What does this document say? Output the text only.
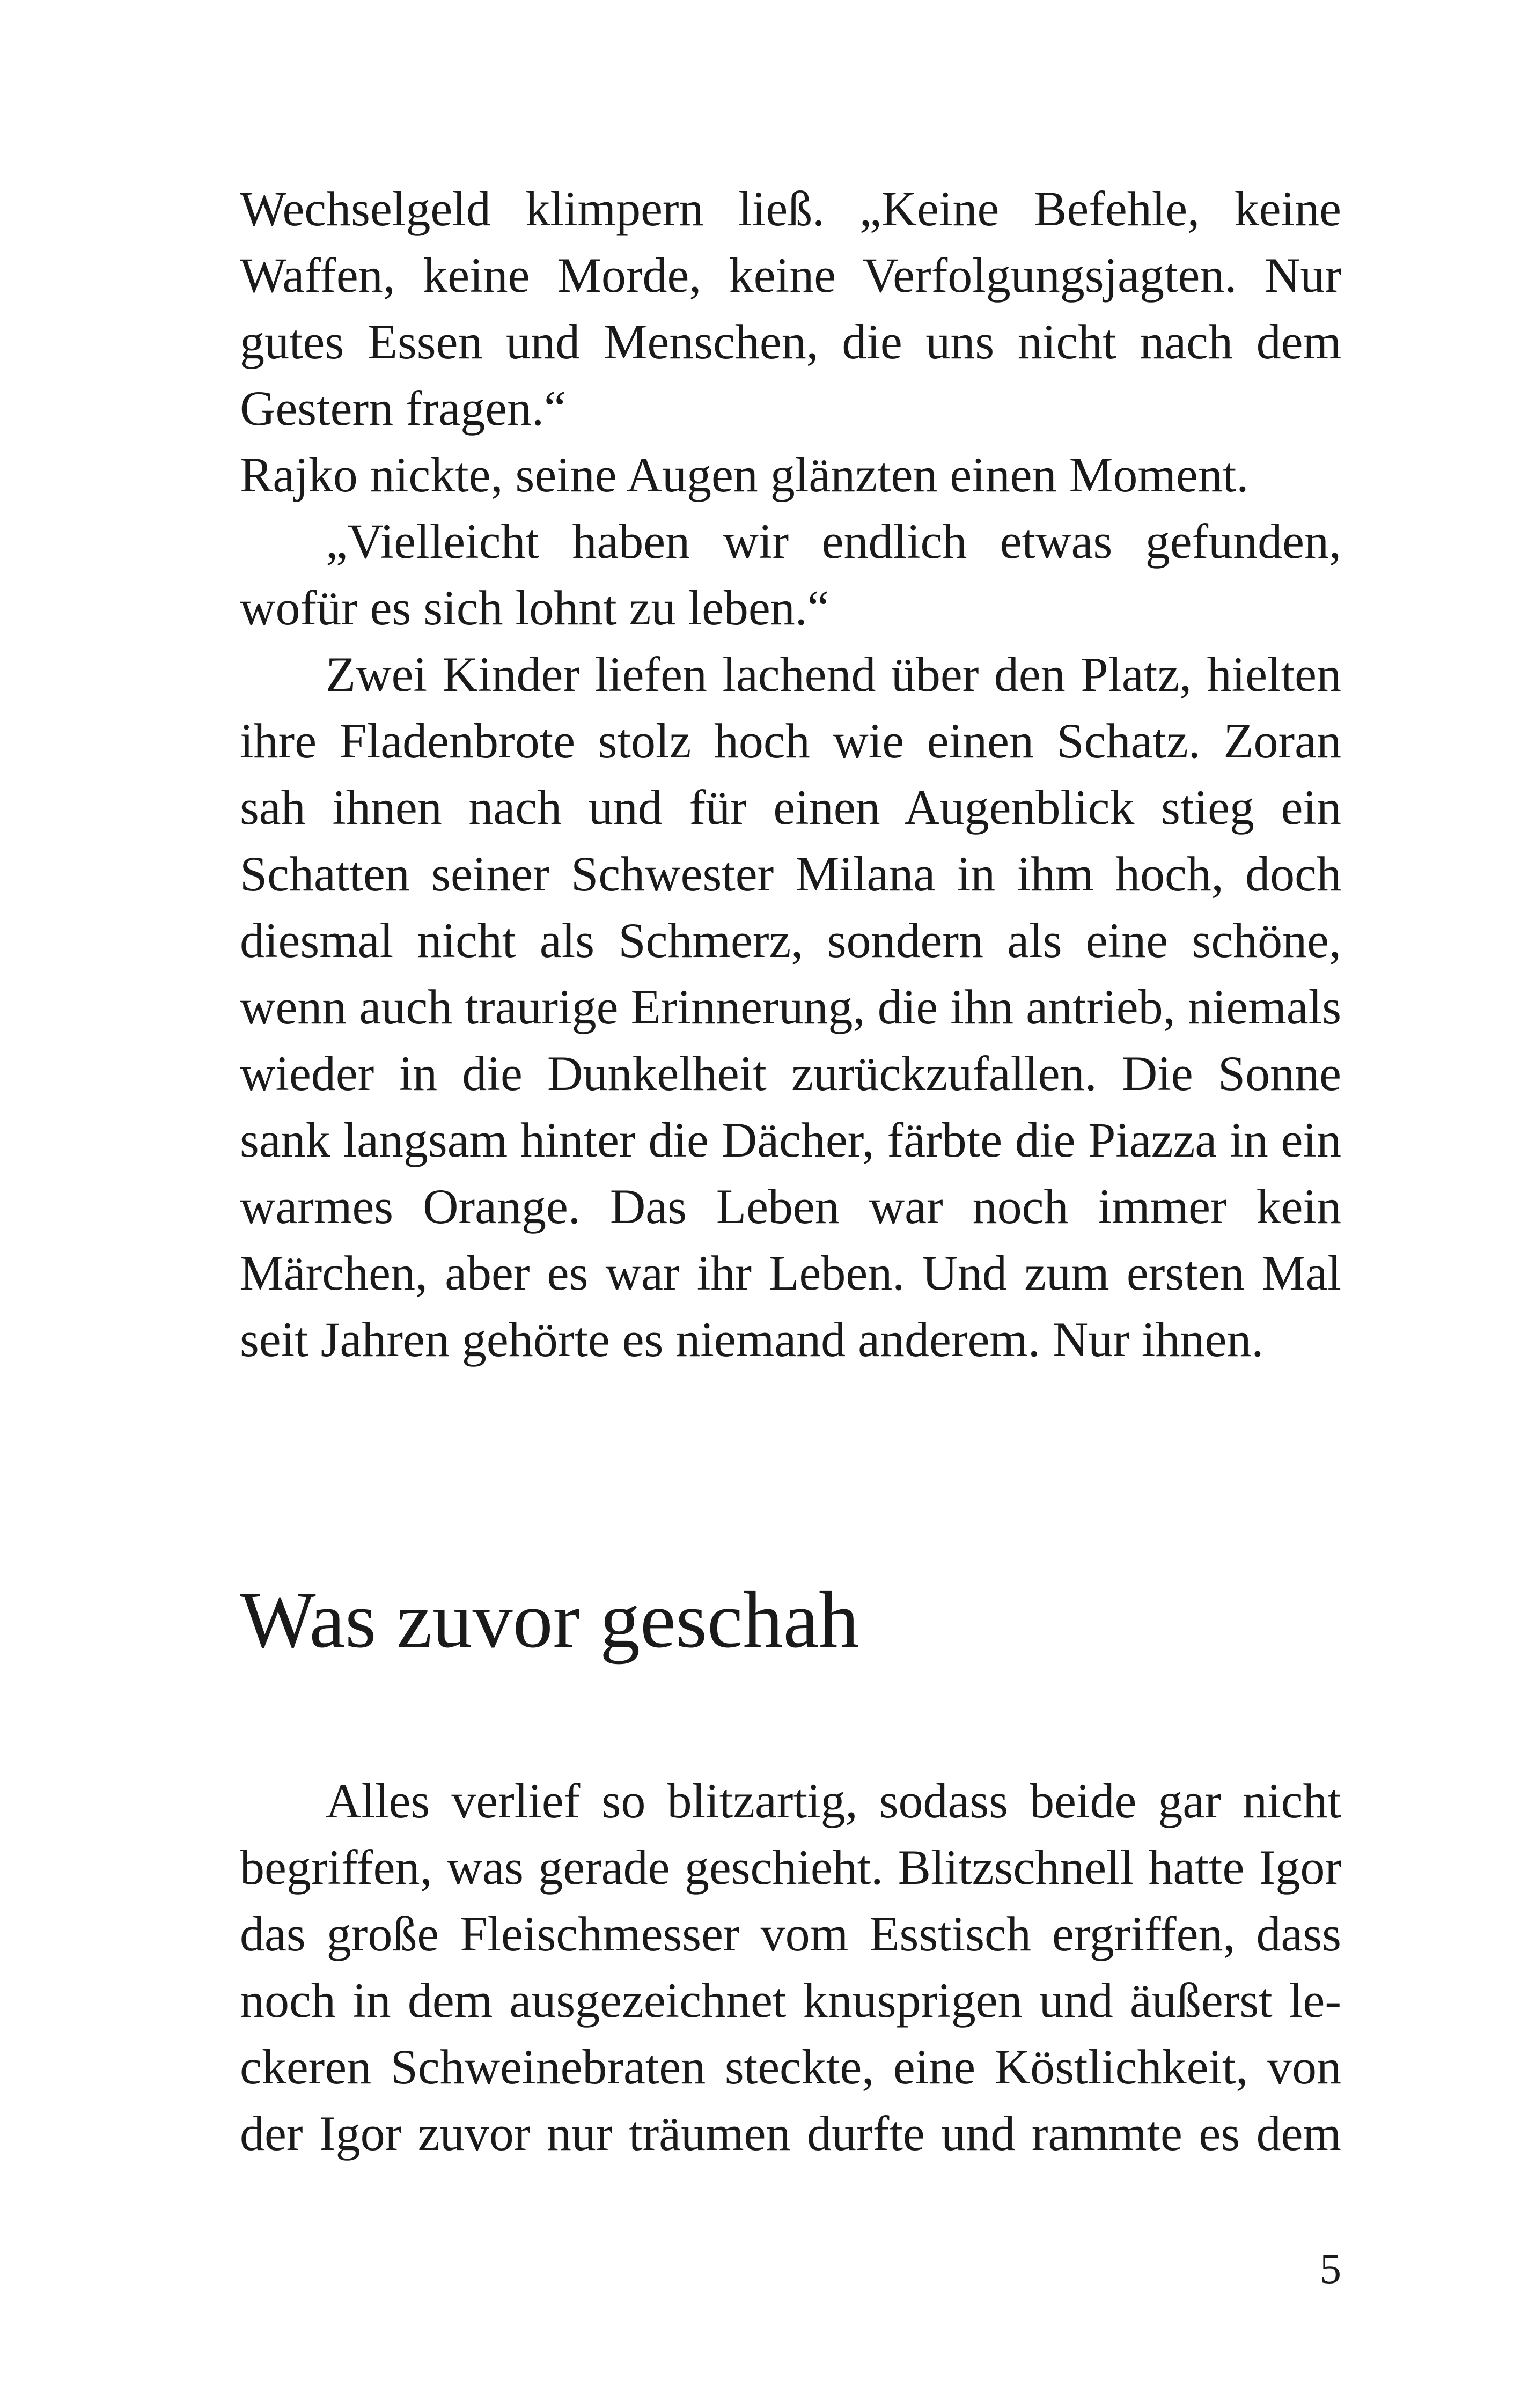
Wechselgeld klimpern ließ. „Keine Befehle, keine Waffen, keine Morde, keine Verfolgungsjagten. Nur gutes Essen und Menschen, die uns nicht nach dem Gestern fragen.“

Rajko nickte, seine Augen glänzten einen Moment.

„Vielleicht haben wir endlich etwas gefunden, wofür es sich lohnt zu leben.“

Zwei Kinder liefen lachend über den Platz, hielten ihre Fladenbrote stolz hoch wie einen Schatz. Zoran sah ihnen nach und für einen Augenblick stieg ein Schatten seiner Schwester Milana in ihm hoch, doch diesmal nicht als Schmerz, sondern als eine schöne, wenn auch traurige Erinnerung, die ihn antrieb, niemals wieder in die Dunkelheit zurückzufallen. Die Sonne sank langsam hinter die Dächer, färbte die Piazza in ein warmes Orange. Das Leben war noch immer kein Märchen, aber es war ihr Leben. Und zum ersten Mal seit Jahren gehörte es niemand anderem. Nur ihnen.

Was zuvor geschah

Alles verlief so blitzartig, sodass beide gar nicht begriffen, was gerade geschieht. Blitzschnell hatte Igor das große Fleischmesser vom Esstisch ergriffen, dass noch in dem ausgezeichnet knusprigen und äußerst leckeren Schweinebraten steckte, eine Köstlichkeit, von der Igor zuvor nur träumen durfte und rammte es dem

5
